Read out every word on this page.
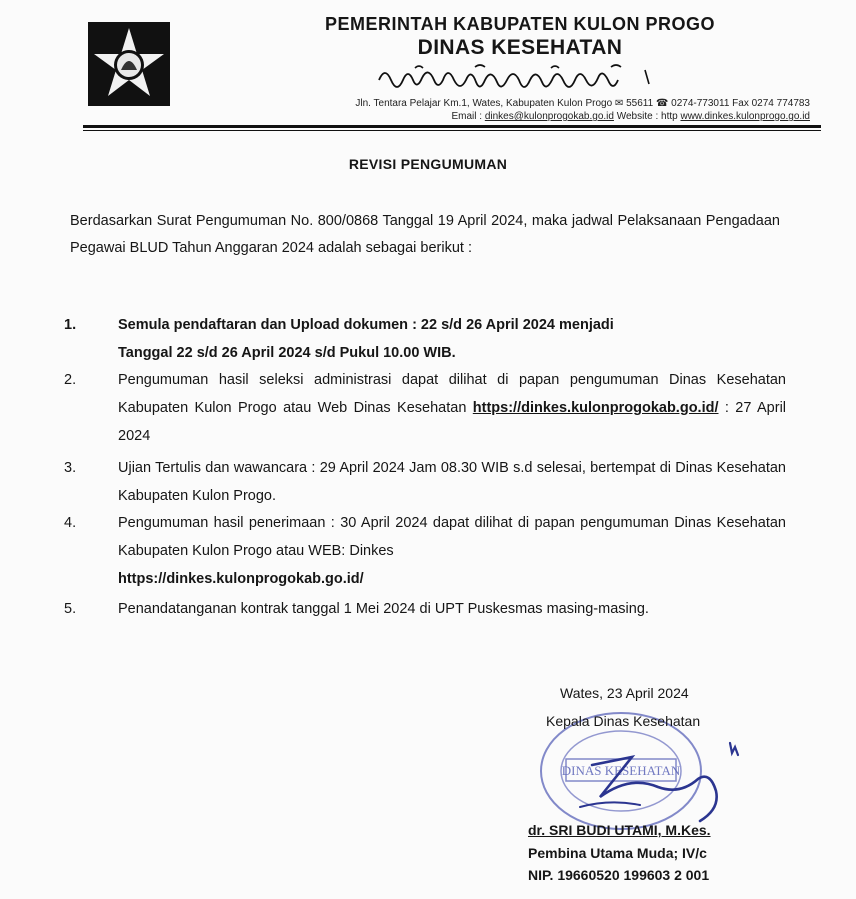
PEMERINTAH KABUPATEN KULON PROGO
DINAS KESEHATAN
Jln. Tentara Pelajar Km.1, Wates, Kabupaten Kulon Progo ✉ 55611 ☎ 0274-773011 Fax 0274 774783
Email : dinkes@kulonprogokab.go.id Website : http www.dinkes.kulonprogo.go.id
REVISI PENGUMUMAN
Berdasarkan Surat Pengumuman No. 800/0868 Tanggal 19 April 2024, maka jadwal Pelaksanaan Pengadaan Pegawai BLUD Tahun Anggaran 2024 adalah sebagai berikut :
1.	Semula pendaftaran dan Upload dokumen : 22 s/d 26 April 2024 menjadi
Tanggal 22 s/d 26 April 2024 s/d Pukul 10.00 WIB.
2.	Pengumuman hasil seleksi administrasi dapat dilihat di papan pengumuman Dinas Kesehatan Kabupaten Kulon Progo atau Web Dinas Kesehatan https://dinkes.kulonprogokab.go.id/ : 27 April 2024
3.	Ujian Tertulis dan wawancara : 29 April 2024 Jam 08.30 WIB s.d selesai, bertempat di Dinas Kesehatan Kabupaten Kulon Progo.
4.	Pengumuman hasil penerimaan : 30 April 2024 dapat dilihat di papan pengumuman Dinas Kesehatan Kabupaten Kulon Progo atau WEB: Dinkes
https://dinkes.kulonprogokab.go.id/
5.	Penandatanganan kontrak tanggal 1 Mei 2024 di UPT Puskesmas masing-masing.
DINAS KESEHATAN
Wates, 23 April 2024
Kepala Dinas Kesehatan
dr. SRI BUDI UTAMI, M.Kes.
Pembina Utama Muda; IV/c
NIP. 19660520 199603 2 001
